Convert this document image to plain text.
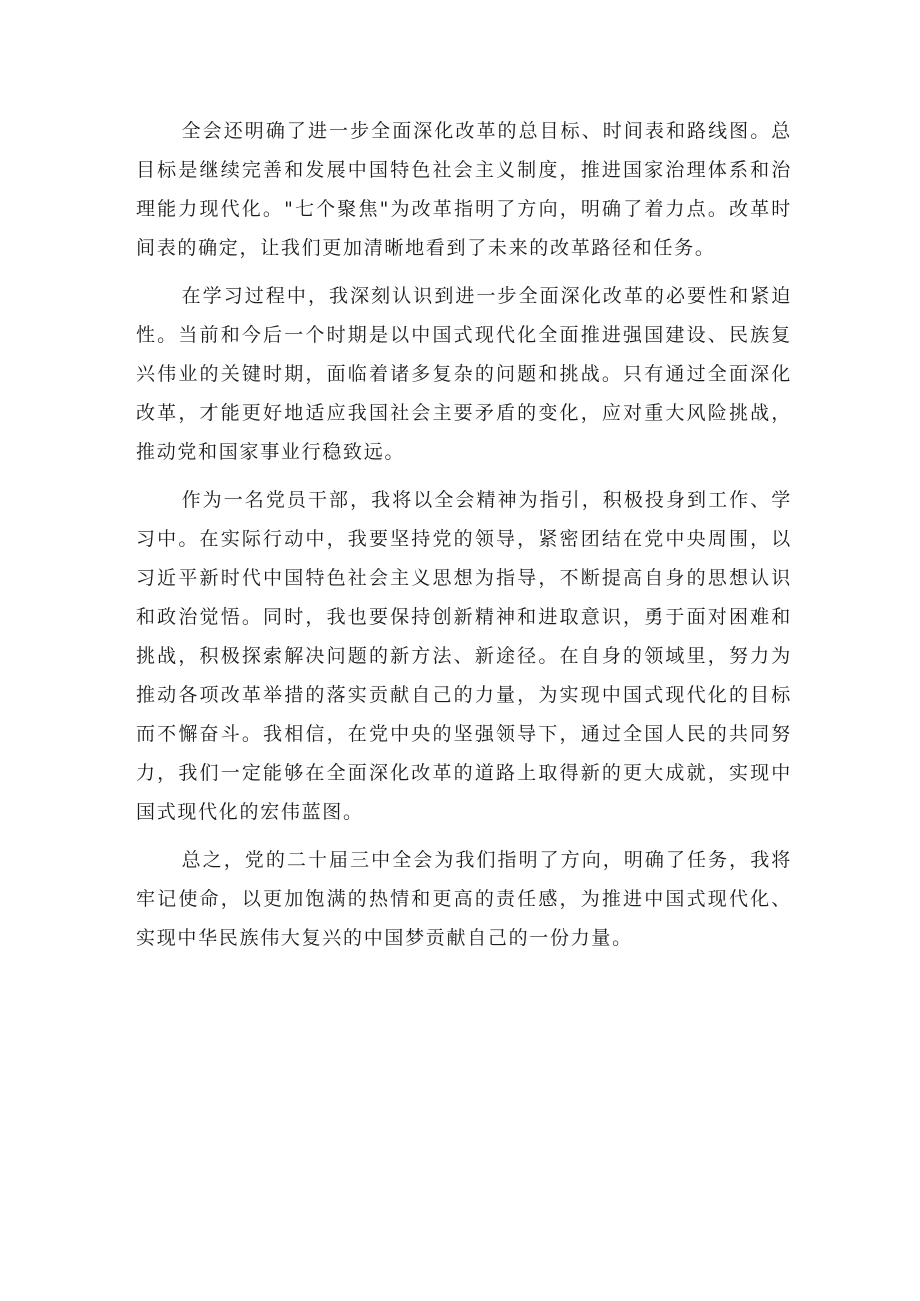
全会还明确了进一步全面深化改革的总目标、时间表和路线图。总目标是继续完善和发展中国特色社会主义制度，推进国家治理体系和治理能力现代化。"七个聚焦"为改革指明了方向，明确了着力点。改革时间表的确定，让我们更加清晰地看到了未来的改革路径和任务。

在学习过程中，我深刻认识到进一步全面深化改革的必要性和紧迫性。当前和今后一个时期是以中国式现代化全面推进强国建设、民族复兴伟业的关键时期，面临着诸多复杂的问题和挑战。只有通过全面深化改革，才能更好地适应我国社会主要矛盾的变化，应对重大风险挑战，推动党和国家事业行稳致远。

作为一名党员干部，我将以全会精神为指引，积极投身到工作、学习中。在实际行动中，我要坚持党的领导，紧密团结在党中央周围，以习近平新时代中国特色社会主义思想为指导，不断提高自身的思想认识和政治觉悟。同时，我也要保持创新精神和进取意识，勇于面对困难和挑战，积极探索解决问题的新方法、新途径。在自身的领域里，努力为推动各项改革举措的落实贡献自己的力量，为实现中国式现代化的目标而不懈奋斗。我相信，在党中央的坚强领导下，通过全国人民的共同努力，我们一定能够在全面深化改革的道路上取得新的更大成就，实现中国式现代化的宏伟蓝图。

总之，党的二十届三中全会为我们指明了方向，明确了任务，我将牢记使命，以更加饱满的热情和更高的责任感，为推进中国式现代化、实现中华民族伟大复兴的中国梦贡献自己的一份力量。
